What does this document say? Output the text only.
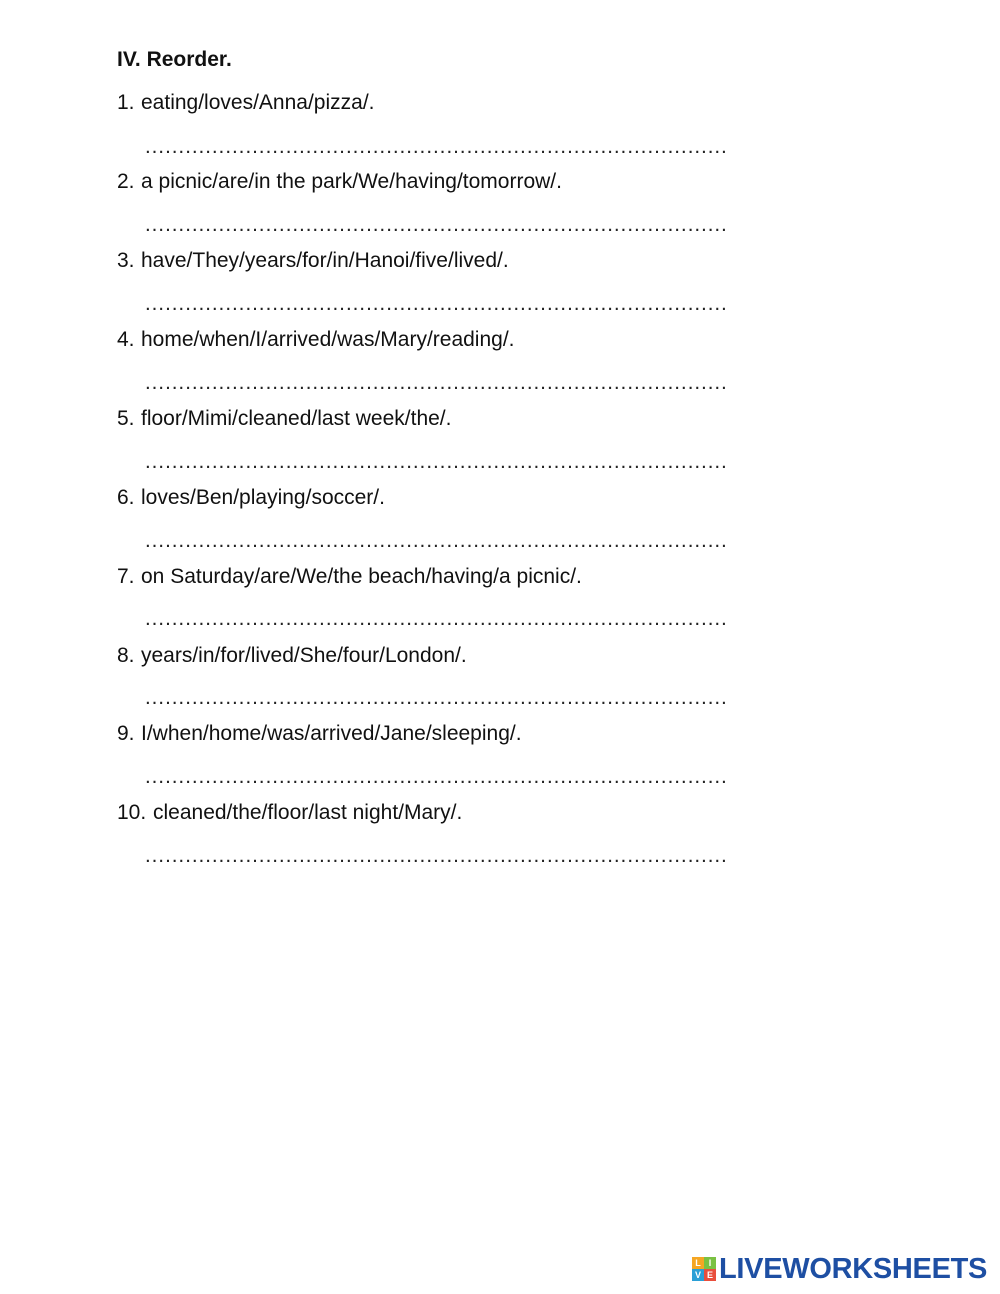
IV. Reorder.
1. eating/loves/Anna/pizza/.
……………………………………………………………………………
2. a picnic/are/in the park/We/having/tomorrow/.
……………………………………………………………………………
3. have/They/years/for/in/Hanoi/five/lived/.
……………………………………………………………………………
4. home/when/I/arrived/was/Mary/reading/.
……………………………………………………………………………
5. floor/Mimi/cleaned/last week/the/.
……………………………………………………………………………
6. loves/Ben/playing/soccer/.
……………………………………………………………………………
7. on Saturday/are/We/the beach/having/a picnic/.
……………………………………………………………………………
8. years/in/for/lived/She/four/London/.
……………………………………………………………………………
9. I/when/home/was/arrived/Jane/sleeping/.
……………………………………………………………………………
10. cleaned/the/floor/last night/Mary/.
……………………………………………………………………………
L I
V E LIVEWORKSHEETS
